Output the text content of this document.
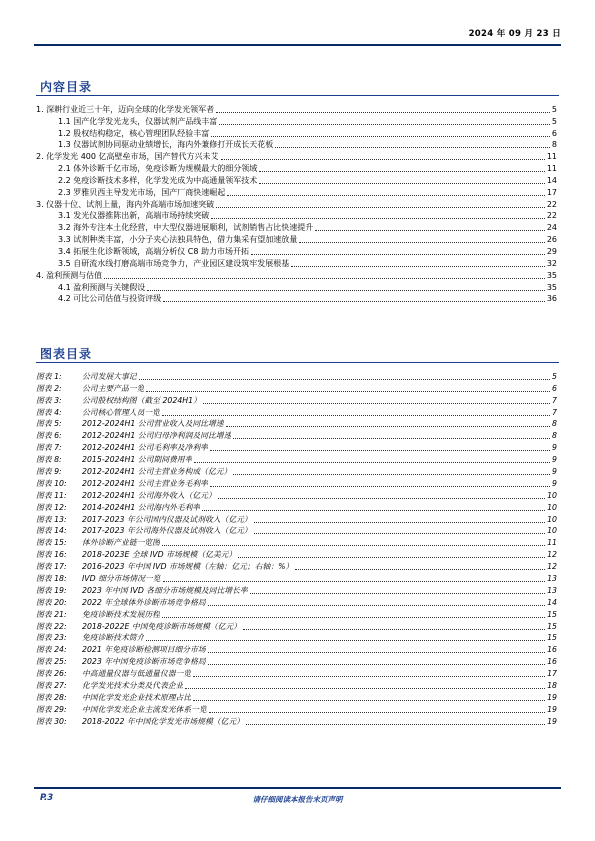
2024 年 09 月 23 日
内容目录
1. 深耕行业近三十年，迈向全球的化学发光领军者	5
1.1 国产化学发光龙头，仪器试剂产品线丰富	5
1.2 股权结构稳定，核心管理团队经验丰富	6
1.3 仪器试剂协同驱动业绩增长，海内外兼修打开成长天花板	8
2. 化学发光 400 亿高壁垒市场，国产替代方兴未艾	11
2.1 体外诊断千亿市场，免疫诊断为规模最大的细分领域	11
2.2 免疫诊断技术多样，化学发光成为中高通量领军技术	14
2.3 罗雅贝西主导发光市场，国产厂商快速崛起	17
3. 仪器十位、试剂上量，海内外高端市场加速突破	22
3.1 发光仪器推陈出新，高端市场持续突破	22
3.2 海外专注本土化经营，中大型仪器进展顺利，试剂销售占比快速提升	24
3.3 试剂种类丰富，小分子夹心法独具特色，借力集采有望加速放量	26
3.4 拓展生化诊断领域，高端分析仪 C8 助力市场开拓	29
3.5 自研流水线打磨高端市场竞争力，产业园区建设筑牢发展根基	32
4. 盈利预测与估值	35
4.1 盈利预测与关键假设	35
4.2 可比公司估值与投资评级	36
图表目录
图表 1:	公司发展大事记	5
图表 2:	公司主要产品一览	6
图表 3:	公司股权结构图（截至 2024H1）	7
图表 4:	公司核心管理人员一览	7
图表 5:	2012-2024H1 公司营业收入及同比增速	8
图表 6:	2012-2024H1 公司归母净利润及同比增速	8
图表 7:	2012-2024H1 公司毛利率及净利率	9
图表 8:	2015-2024H1 公司期间费用率	9
图表 9:	2012-2024H1 公司主营业务构成（亿元）	9
图表 10: 2012-2024H1 公司主营业务毛利率	9
图表 11: 2012-2024H1 公司海外收入（亿元）	10
图表 12: 2014-2024H1 公司海内外毛利率	10
图表 13: 2017-2023 年公司国内仪器及试剂收入（亿元）	10
图表 14: 2017-2023 年公司海外仪器及试剂收入（亿元）	10
图表 15: 体外诊断产业链一览图	11
图表 16: 2018-2023E 全球 IVD 市场规模（亿美元）	12
图表 17: 2016-2023 年中国 IVD 市场规模（左轴：亿元；右轴：%）	12
图表 18: IVD 细分市场情况一览	13
图表 19: 2023 年中国 IVD 各细分市场规模及同比增长率	13
图表 20: 2022 年全球体外诊断市场竞争格局	14
图表 21: 免疫诊断技术发展历程	15
图表 22: 2018-2022E 中国免疫诊断市场规模（亿元）	15
图表 23: 免疫诊断技术简介	15
图表 24: 2021 年免疫诊断检测项目细分市场	16
图表 25: 2023 年中国免疫诊断市场竞争格局	16
图表 26: 中高通量仪器与低通量仪器一览	17
图表 27: 化学发光技术分类及代表企业	18
图表 28: 中国化学发光企业技术原理占比	19
图表 29: 中国化学发光企业主流发光体系一览	19
图表 30: 2018-2022 年中国化学发光市场规模（亿元）	19
P.3	请仔细阅读本报告末页声明
